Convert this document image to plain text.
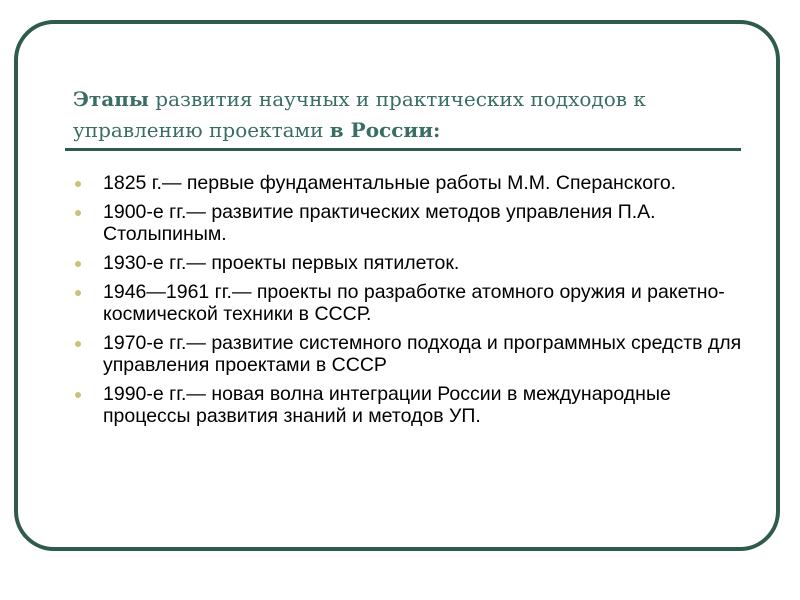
Этапы развития научных и практических подходов к управлению проектами в России:
1825 г.— первые фундаментальные работы М.М. Сперанского.
1900-е гг.— развитие практических методов управления П.А. Столыпиным.
1930-е гг.— проекты первых пятилеток.
1946—1961 гг.— проекты по разработке атомного оружия и ракетно-космической техники в СССР.
1970-е гг.— развитие системного подхода и программных средств для управления проектами в СССР
1990-е гг.— новая волна интеграции России в международные процессы развития знаний и методов УП.
